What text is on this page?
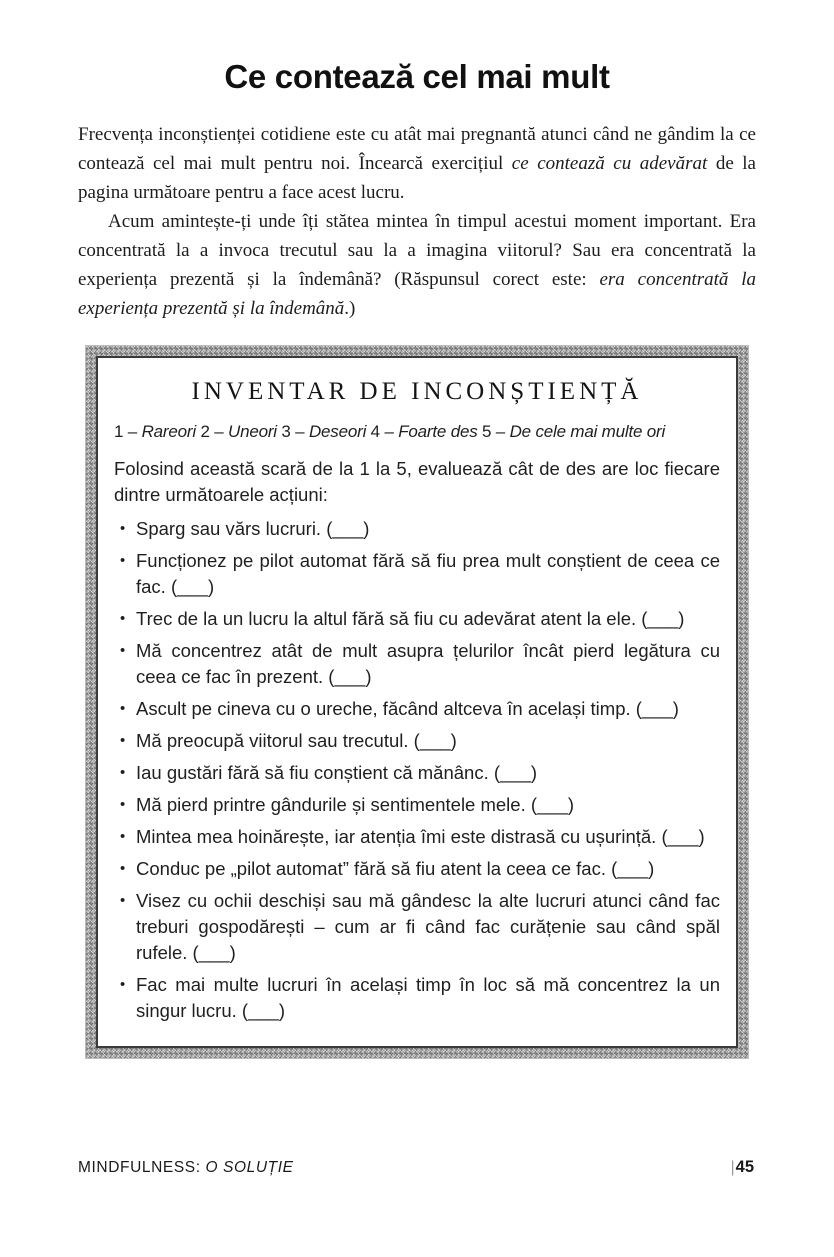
Ce contează cel mai mult

Frecvența inconștienței cotidiene este cu atât mai pregnantă atunci când ne gândim la ce contează cel mai mult pentru noi. Încearcă exercițiul ce contează cu adevărat de la pagina următoare pentru a face acest lucru.

Acum amintește-ți unde îți stătea mintea în timpul acestui moment important. Era concentrată la a invoca trecutul sau la a imagina viitorul? Sau era concentrată la experiența prezentă și la îndemână? (Răspunsul corect este: era concentrată la experiența prezentă și la îndemână.)

INVENTAR DE INCONȘTIENȚĂ
1 – Rareori 2 – Uneori 3 – Deseori 4 – Foarte des 5 – De cele mai multe ori

Folosind această scară de la 1 la 5, evaluează cât de des are loc fiecare dintre următoarele acțiuni:

• Sparg sau vărs lucruri. (___)
• Funcționez pe pilot automat fără să fiu prea mult conștient de ceea ce fac. (___)
• Trec de la un lucru la altul fără să fiu cu adevărat atent la ele. (___)
• Mă concentrez atât de mult asupra țelurilor încât pierd legătura cu ceea ce fac în prezent. (___)
• Ascult pe cineva cu o ureche, făcând altceva în același timp. (___)
• Mă preocupă viitorul sau trecutul. (___)
• Iau gustări fără să fiu conștient că mănânc. (___)
• Mă pierd printre gândurile și sentimentele mele. (___)
• Mintea mea hoinărește, iar atenția îmi este distrasă cu ușurință. (___)
• Conduc pe „pilot automat” fără să fiu atent la ceea ce fac. (___)
• Visez cu ochii deschiși sau mă gândesc la alte lucruri atunci când fac treburi gospodărești – cum ar fi când fac curățenie sau când spăl rufele. (___)
• Fac mai multe lucruri în același timp în loc să mă concentrez la un singur lucru. (___)
MINDFULNESS: O SOLUȚIE	|45
